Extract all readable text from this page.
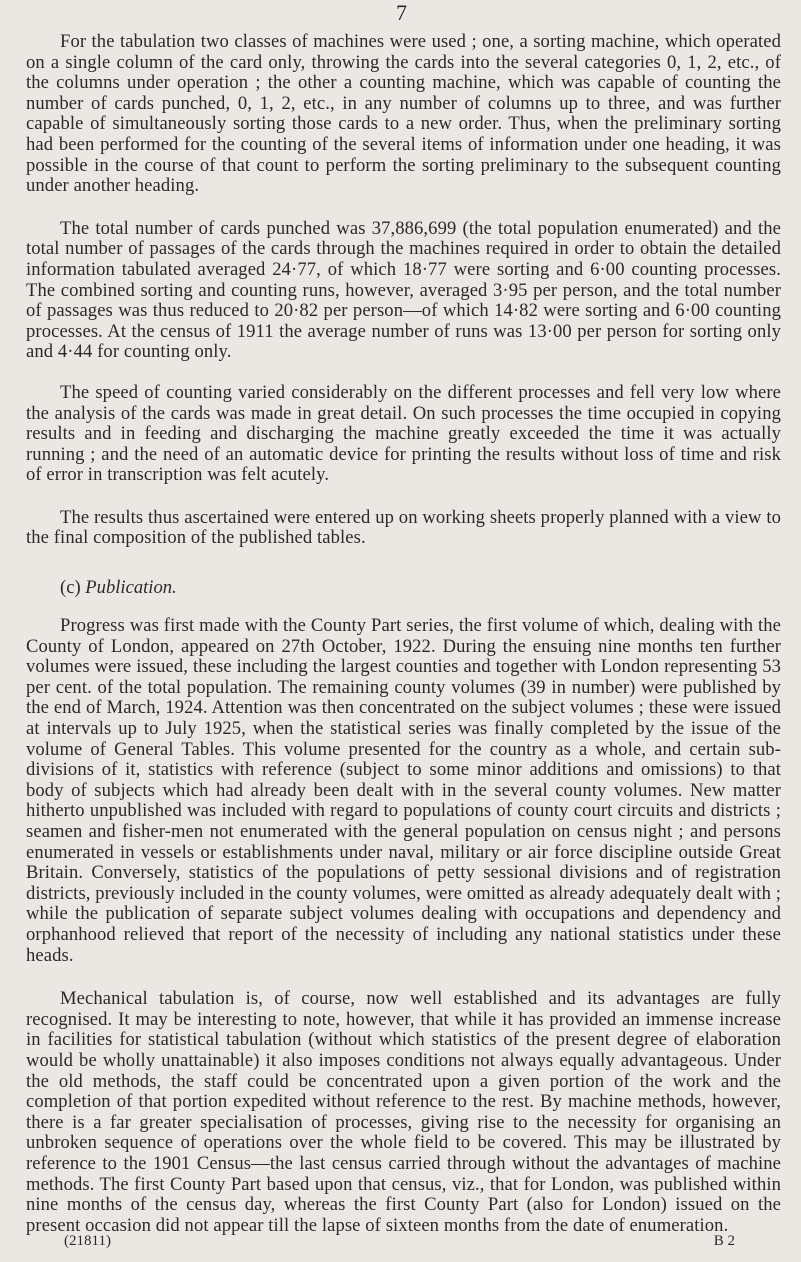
7

For the tabulation two classes of machines were used ; one, a sorting machine, which operated on a single column of the card only, throwing the cards into the several categories 0, 1, 2, etc., of the columns under operation ; the other a counting machine, which was capable of counting the number of cards punched, 0, 1, 2, etc., in any number of columns up to three, and was further capable of simultaneously sorting those cards to a new order. Thus, when the preliminary sorting had been performed for the counting of the several items of information under one heading, it was possible in the course of that count to perform the sorting preliminary to the subsequent counting under another heading.

The total number of cards punched was 37,886,699 (the total population enumerated) and the total number of passages of the cards through the machines required in order to obtain the detailed information tabulated averaged 24·77, of which 18·77 were sorting and 6·00 counting processes. The combined sorting and counting runs, however, averaged 3·95 per person, and the total number of passages was thus reduced to 20·82 per person—of which 14·82 were sorting and 6·00 counting processes. At the census of 1911 the average number of runs was 13·00 per person for sorting only and 4·44 for counting only.

The speed of counting varied considerably on the different processes and fell very low where the analysis of the cards was made in great detail. On such processes the time occupied in copying results and in feeding and discharging the machine greatly exceeded the time it was actually running ; and the need of an automatic device for printing the results without loss of time and risk of error in transcription was felt acutely.

The results thus ascertained were entered up on working sheets properly planned with a view to the final composition of the published tables.

(c) Publication.

Progress was first made with the County Part series, the first volume of which, dealing with the County of London, appeared on 27th October, 1922. During the ensuing nine months ten further volumes were issued, these including the largest counties and together with London representing 53 per cent. of the total population. The remaining county volumes (39 in number) were published by the end of March, 1924. Attention was then concentrated on the subject volumes ; these were issued at intervals up to July 1925, when the statistical series was finally completed by the issue of the volume of General Tables. This volume presented for the country as a whole, and certain sub-divisions of it, statistics with reference (subject to some minor additions and omissions) to that body of subjects which had already been dealt with in the several county volumes. New matter hitherto unpublished was included with regard to populations of county court circuits and districts ; seamen and fisher-men not enumerated with the general population on census night ; and persons enumerated in vessels or establishments under naval, military or air force discipline outside Great Britain. Conversely, statistics of the populations of petty sessional divisions and of registration districts, previously included in the county volumes, were omitted as already adequately dealt with ; while the publication of separate subject volumes dealing with occupations and dependency and orphanhood relieved that report of the necessity of including any national statistics under these heads.

Mechanical tabulation is, of course, now well established and its advantages are fully recognised. It may be interesting to note, however, that while it has provided an immense increase in facilities for statistical tabulation (without which statistics of the present degree of elaboration would be wholly unattainable) it also imposes conditions not always equally advantageous. Under the old methods, the staff could be concentrated upon a given portion of the work and the completion of that portion expedited without reference to the rest. By machine methods, however, there is a far greater specialisation of processes, giving rise to the necessity for organising an unbroken sequence of operations over the whole field to be covered. This may be illustrated by reference to the 1901 Census—the last census carried through without the advantages of machine methods. The first County Part based upon that census, viz., that for London, was published within nine months of the census day, whereas the first County Part (also for London) issued on the present occasion did not appear till the lapse of sixteen months from the date of enumeration.

(21811)	B 2
